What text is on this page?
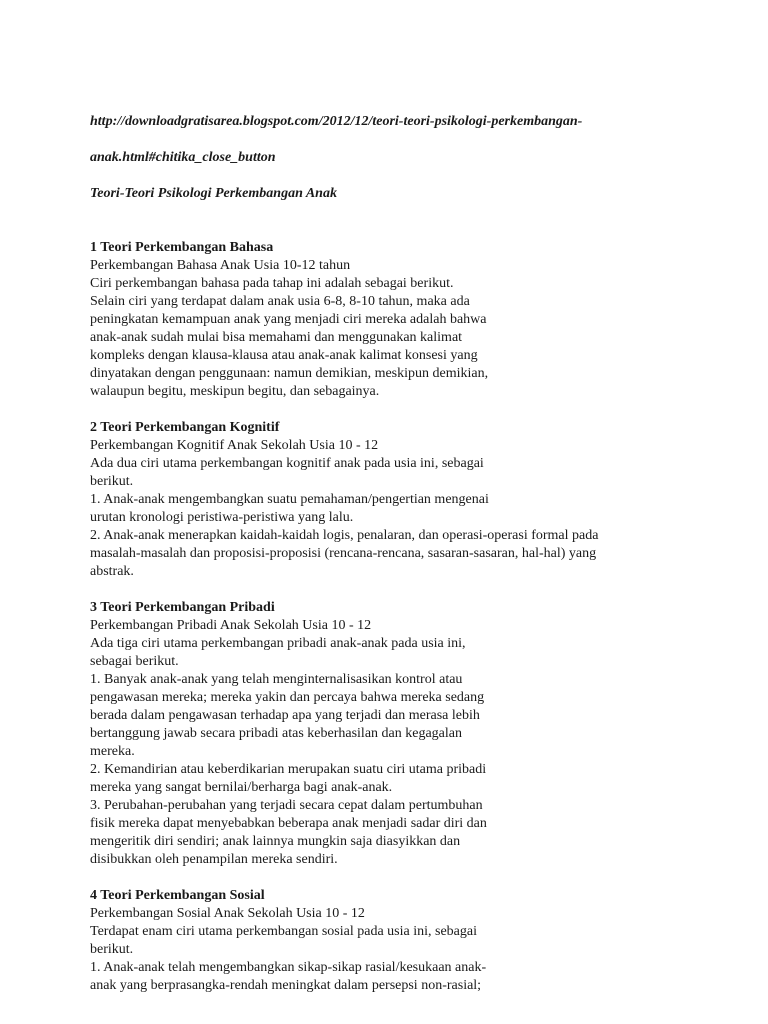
http://downloadgratisarea.blogspot.com/2012/12/teori-teori-psikologi-perkembangan-

anak.html#chitika_close_button

Teori-Teori Psikologi Perkembangan Anak

1 Teori Perkembangan Bahasa
Perkembangan Bahasa Anak Usia 10-12 tahun
Ciri perkembangan bahasa pada tahap ini adalah sebagai berikut.
Selain ciri yang terdapat dalam anak usia 6-8, 8-10 tahun, maka ada
peningkatan kemampuan anak yang menjadi ciri mereka adalah bahwa
anak-anak sudah mulai bisa memahami dan menggunakan kalimat
kompleks dengan klausa-klausa atau anak-anak kalimat konsesi yang
dinyatakan dengan penggunaan: namun demikian, meskipun demikian,
walaupun begitu, meskipun begitu, dan sebagainya.
2 Teori Perkembangan Kognitif
Perkembangan Kognitif Anak Sekolah Usia 10 - 12
Ada dua ciri utama perkembangan kognitif anak pada usia ini, sebagai
berikut.
1. Anak-anak mengembangkan suatu pemahaman/pengertian mengenai
urutan kronologi peristiwa-peristiwa yang lalu.
2. Anak-anak menerapkan kaidah-kaidah logis, penalaran, dan operasi-operasi formal pada
masalah-masalah dan proposisi-proposisi (rencana-rencana, sasaran-sasaran, hal-hal) yang
abstrak.
3 Teori Perkembangan Pribadi
Perkembangan Pribadi Anak Sekolah Usia 10 - 12
Ada tiga ciri utama perkembangan pribadi anak-anak pada usia ini,
sebagai berikut.
1. Banyak anak-anak yang telah menginternalisasikan kontrol atau
pengawasan mereka; mereka yakin dan percaya bahwa mereka sedang
berada dalam pengawasan terhadap apa yang terjadi dan merasa lebih
bertanggung jawab secara pribadi atas keberhasilan dan kegagalan
mereka.
2. Kemandirian atau keberdikarian merupakan suatu ciri utama pribadi
mereka yang sangat bernilai/berharga bagi anak-anak.
3. Perubahan-perubahan yang terjadi secara cepat dalam pertumbuhan
fisik mereka dapat menyebabkan beberapa anak menjadi sadar diri dan
mengeritik diri sendiri; anak lainnya mungkin saja diasyikkan dan
disibukkan oleh penampilan mereka sendiri.
4 Teori Perkembangan Sosial
Perkembangan Sosial Anak Sekolah Usia 10 - 12
Terdapat enam ciri utama perkembangan sosial pada usia ini, sebagai
berikut.
1. Anak-anak telah mengembangkan sikap-sikap rasial/kesukaan anak-
anak yang berprasangka-rendah meningkat dalam persepsi non-rasial;
